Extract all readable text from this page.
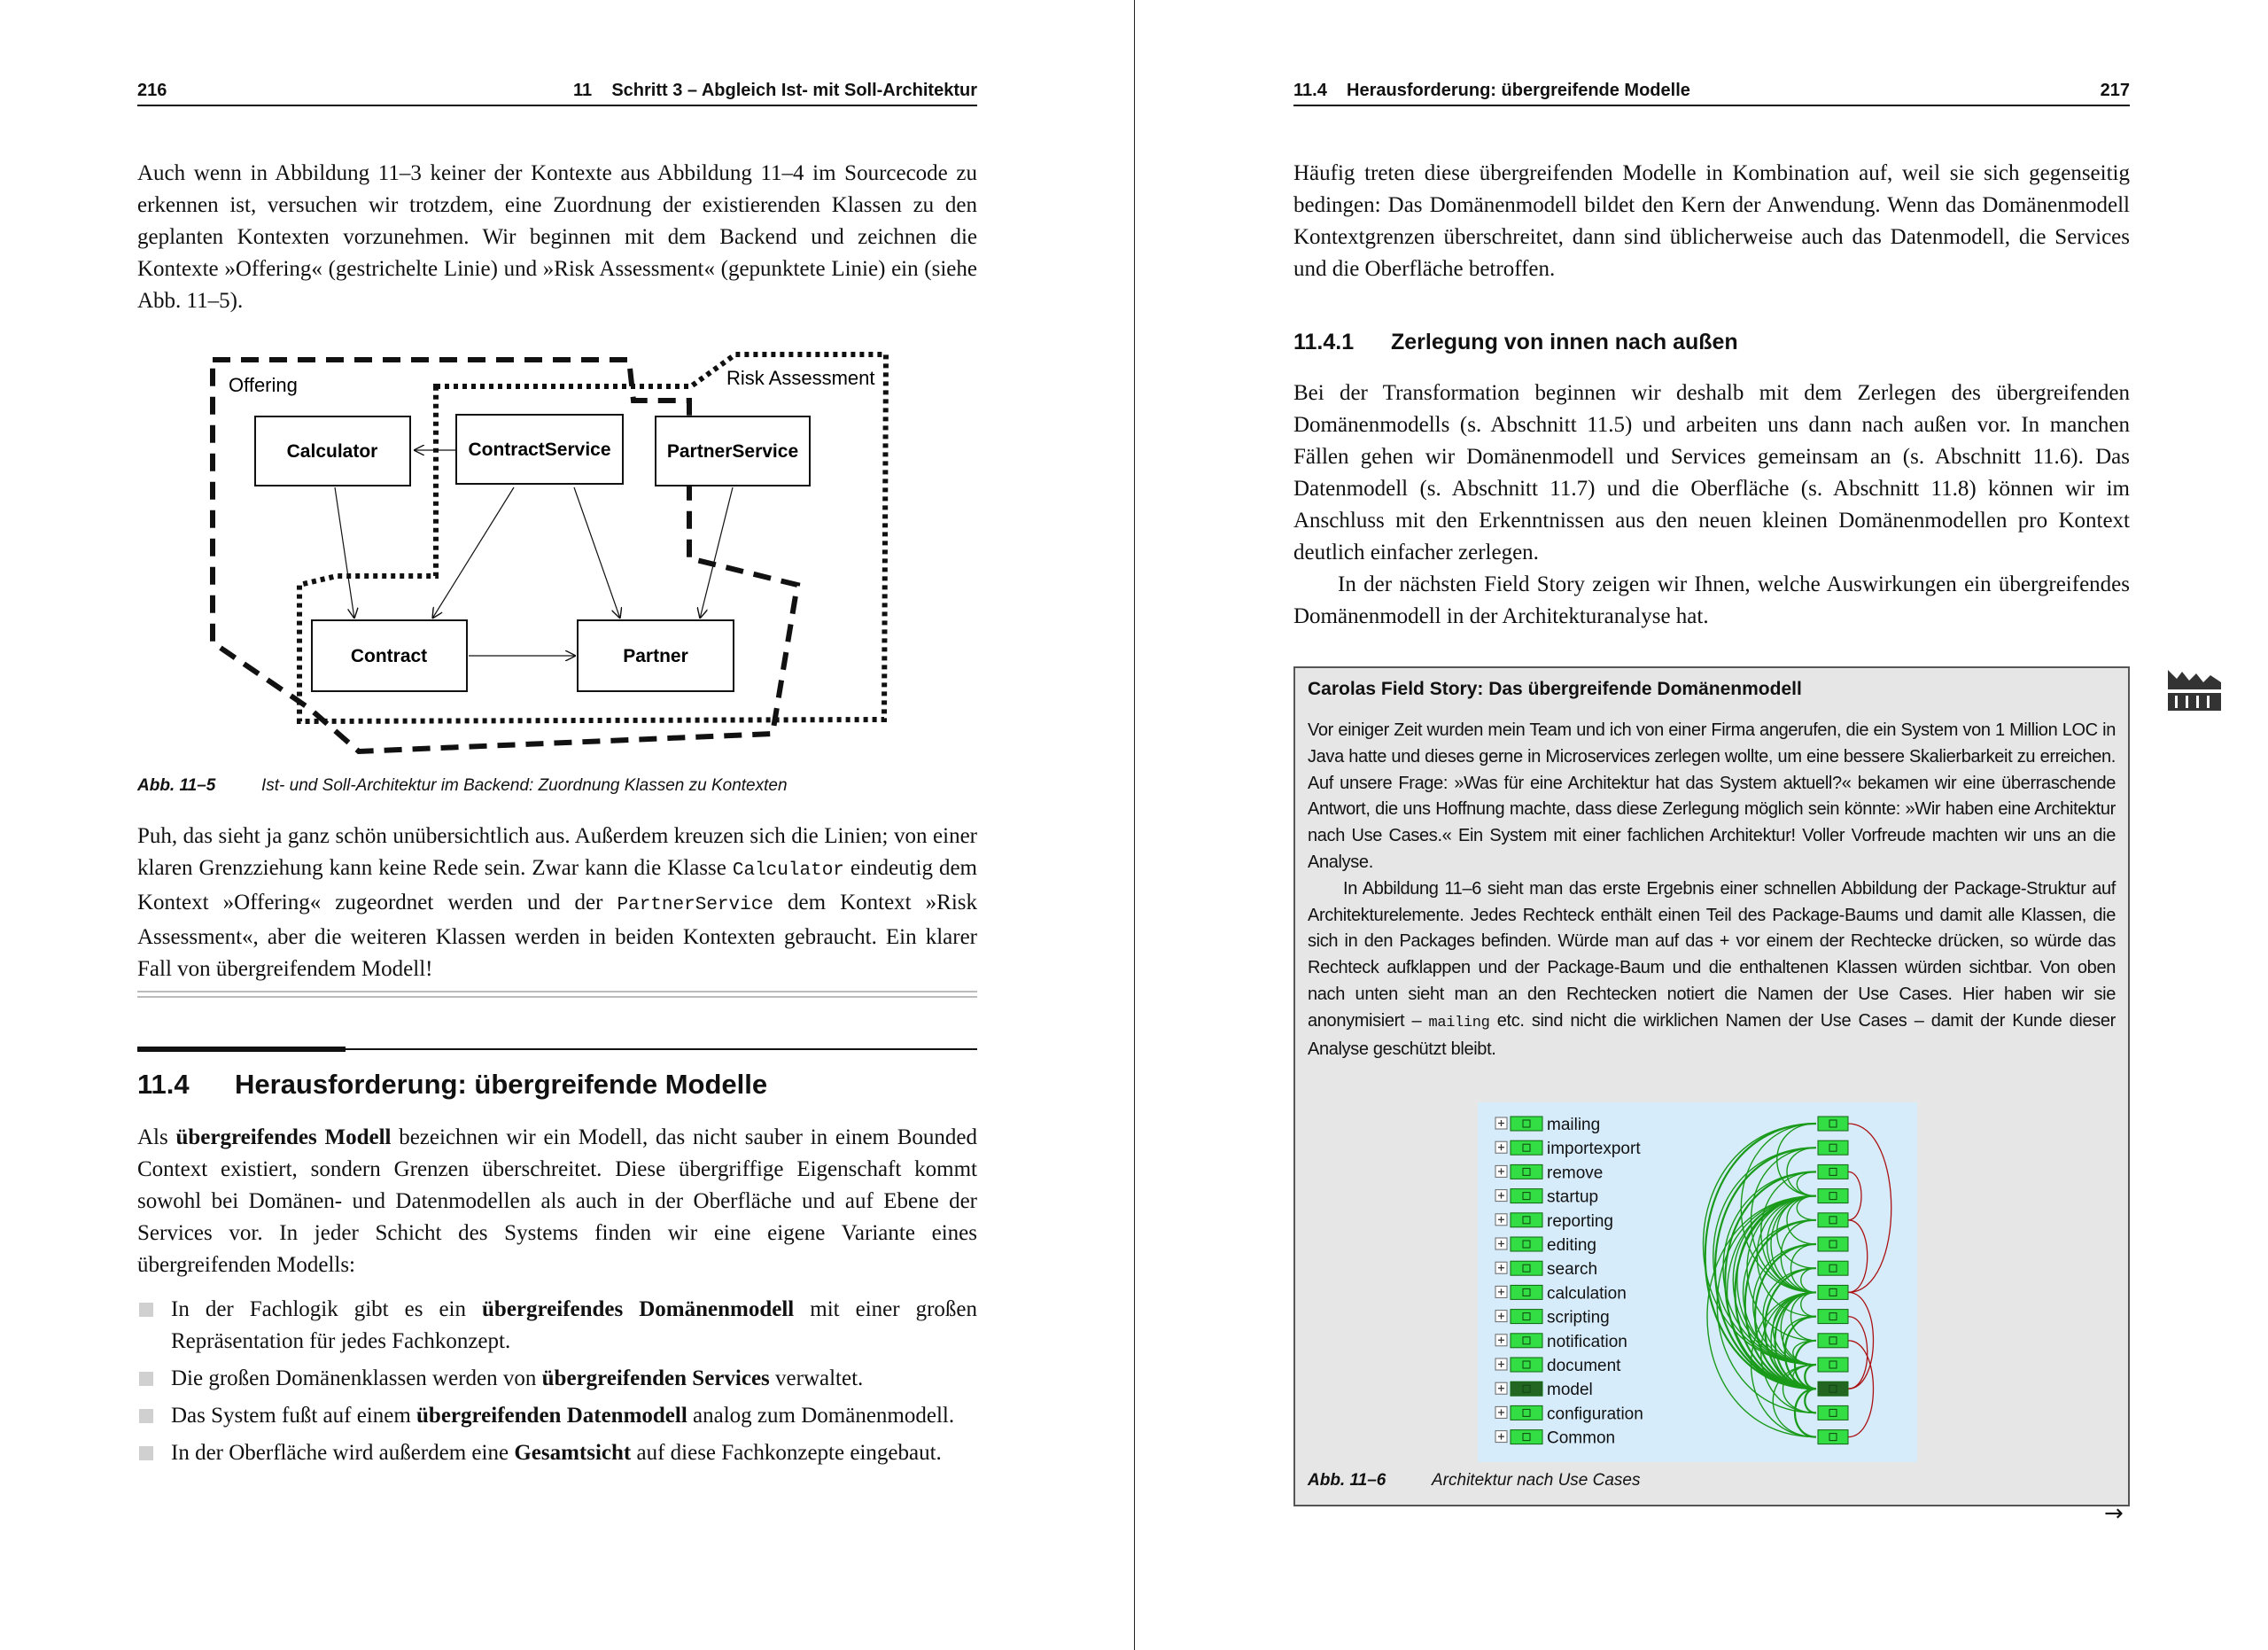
216	11    Schritt 3 – Abgleich Ist- mit Soll-Architektur

Auch wenn in Abbildung 11–3 keiner der Kontexte aus Abbildung 11–4 im Sourcecode zu erkennen ist, versuchen wir trotzdem, eine Zuordnung der existierenden Klassen zu den geplanten Kontexten vorzunehmen. Wir beginnen mit dem Backend und zeichnen die Kontexte »Offering« (gestrichelte Linie) und »Risk Assessment« (gepunktete Linie) ein (siehe Abb. 11–5).

Offering	Risk Assessment
Calculator	ContractService	PartnerService
Contract	Partner
Abb. 11–5	Ist- und Soll-Architektur im Backend: Zuordnung Klassen zu Kontexten

Puh, das sieht ja ganz schön unübersichtlich aus. Außerdem kreuzen sich die Linien; von einer klaren Grenzziehung kann keine Rede sein. Zwar kann die Klasse Calculator eindeutig dem Kontext »Offering« zugeordnet werden und der PartnerService dem Kontext »Risk Assessment«, aber die weiteren Klassen werden in beiden Kontexten gebraucht. Ein klarer Fall von übergreifendem Modell!

11.4 Herausforderung: übergreifende Modelle

Als übergreifendes Modell bezeichnen wir ein Modell, das nicht sauber in einem Bounded Context existiert, sondern Grenzen überschreitet. Diese übergriffige Eigenschaft kommt sowohl bei Domänen- und Datenmodellen als auch in der Oberfläche und auf Ebene der Services vor. In jeder Schicht des Systems finden wir eine eigene Variante eines übergreifenden Modells:

In der Fachlogik gibt es ein übergreifendes Domänenmodell mit einer großen Repräsentation für jedes Fachkonzept.
Die großen Domänenklassen werden von übergreifenden Services verwaltet.
Das System fußt auf einem übergreifenden Datenmodell analog zum Domänenmodell.
In der Oberfläche wird außerdem eine Gesamtsicht auf diese Fachkonzepte eingebaut.
11.4    Herausforderung: übergreifende Modelle	217

Häufig treten diese übergreifenden Modelle in Kombination auf, weil sie sich gegenseitig bedingen: Das Domänenmodell bildet den Kern der Anwendung. Wenn das Domänenmodell Kontextgrenzen überschreitet, dann sind üblicherweise auch das Datenmodell, die Services und die Oberfläche betroffen.

11.4.1 Zerlegung von innen nach außen

Bei der Transformation beginnen wir deshalb mit dem Zerlegen des übergreifenden Domänenmodells (s. Abschnitt 11.5) und arbeiten uns dann nach außen vor. In manchen Fällen gehen wir Domänenmodell und Services gemeinsam an (s. Abschnitt 11.6). Das Datenmodell (s. Abschnitt 11.7) und die Oberfläche (s. Abschnitt 11.8) können wir im Anschluss mit den Erkenntnissen aus den neuen kleinen Domänenmodellen pro Kontext deutlich einfacher zerlegen.

In der nächsten Field Story zeigen wir Ihnen, welche Auswirkungen ein übergreifendes Domänenmodell in der Architekturanalyse hat.

Carolas Field Story: Das übergreifende Domänenmodell

Vor einiger Zeit wurden mein Team und ich von einer Firma angerufen, die ein System von 1 Million LOC in Java hatte und dieses gerne in Microservices zerlegen wollte, um eine bessere Skalierbarkeit zu erreichen. Auf unsere Frage: »Was für eine Architektur hat das System aktuell?« bekamen wir eine überraschende Antwort, die uns Hoffnung machte, dass diese Zerlegung möglich sein könnte: »Wir haben eine Architektur nach Use Cases.« Ein System mit einer fachlichen Architektur! Voller Vorfreude machten wir uns an die Analyse.

In Abbildung 11–6 sieht man das erste Ergebnis einer schnellen Abbildung der Package-Struktur auf Architekturelemente. Jedes Rechteck enthält einen Teil des Package-Baums und damit alle Klassen, die sich in den Packages befinden. Würde man auf das + vor einem der Rechtecke drücken, so würde das Rechteck aufklappen und der Package-Baum und die enthaltenen Klassen würden sichtbar. Von oben nach unten sieht man an den Rechtecken notiert die Namen der Use Cases. Hier haben wir sie anonymisiert – mailing etc. sind nicht die wirklichen Namen der Use Cases – damit der Kunde dieser Analyse geschützt bleibt.

mailing
importexport
remove
startup
reporting
editing
search
calculation
scripting
notification
document
model
configuration
Common
Abb. 11–6	Architektur nach Use Cases
→
